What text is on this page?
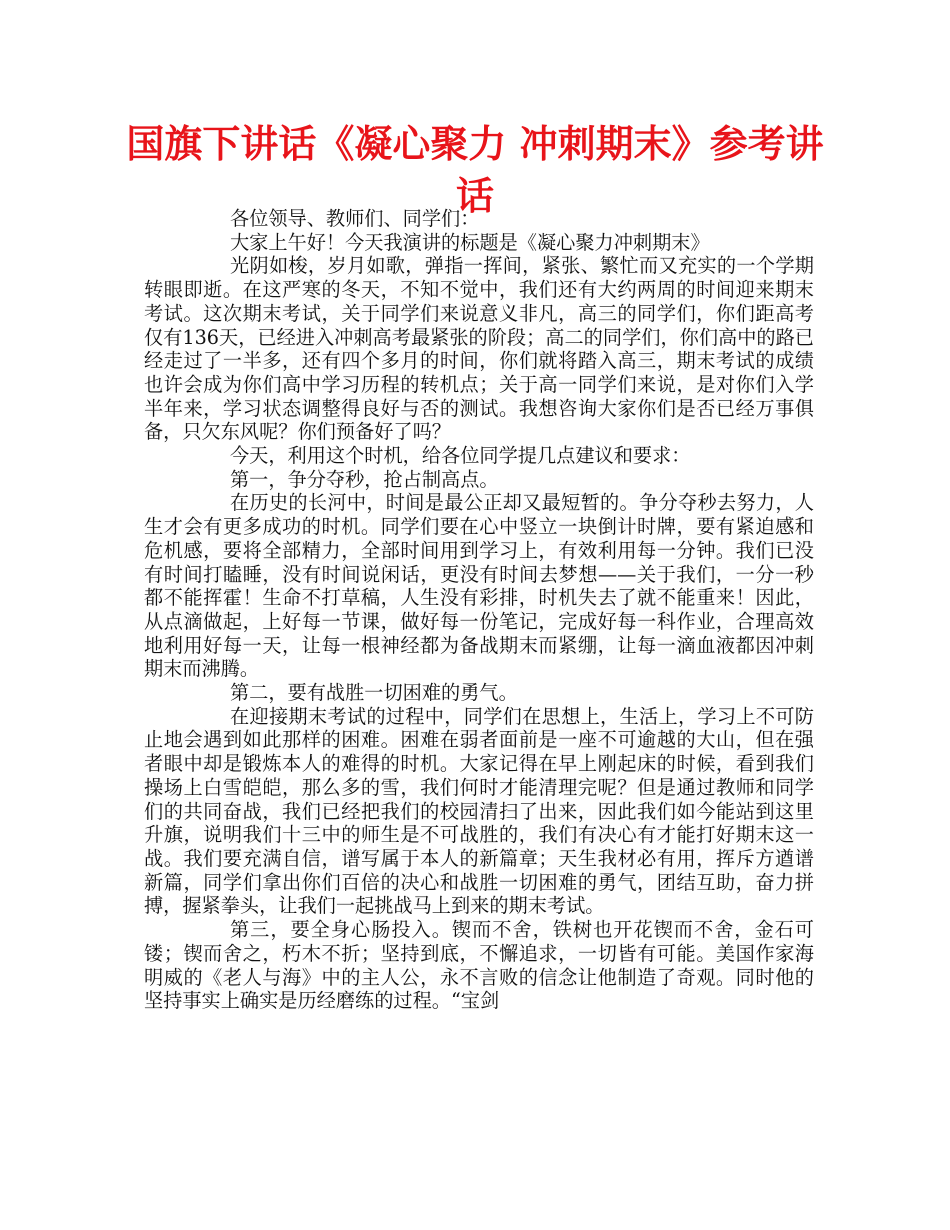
国旗下讲话《凝心聚力 冲刺期末》参考讲话

各位领导、教师们、同学们：

大家上午好！今天我演讲的标题是《凝心聚力冲刺期末》

光阴如梭，岁月如歌，弹指一挥间，紧张、繁忙而又充实的一个学期转眼即逝。在这严寒的冬天，不知不觉中，我们还有大约两周的时间迎来期末考试。这次期末考试，关于同学们来说意义非凡，高三的同学们，你们距高考仅有136天，已经进入冲刺高考最紧张的阶段；高二的同学们，你们高中的路已经走过了一半多，还有四个多月的时间，你们就将踏入高三，期末考试的成绩也许会成为你们高中学习历程的转机点；关于高一同学们来说，是对你们入学半年来，学习状态调整得良好与否的测试。我想咨询大家你们是否已经万事俱备，只欠东风呢？你们预备好了吗？

今天，利用这个时机，给各位同学提几点建议和要求：

第一，争分夺秒，抢占制高点。

在历史的长河中，时间是最公正却又最短暂的。争分夺秒去努力，人生才会有更多成功的时机。同学们要在心中竖立一块倒计时牌，要有紧迫感和危机感，要将全部精力，全部时间用到学习上，有效利用每一分钟。我们已没有时间打瞌睡，没有时间说闲话，更没有时间去梦想——关于我们，一分一秒都不能挥霍！生命不打草稿，人生没有彩排，时机失去了就不能重来！因此，从点滴做起，上好每一节课，做好每一份笔记，完成好每一科作业，合理高效地利用好每一天，让每一根神经都为备战期末而紧绷，让每一滴血液都因冲刺期末而沸腾。

第二，要有战胜一切困难的勇气。

在迎接期末考试的过程中，同学们在思想上，生活上，学习上不可防止地会遇到如此那样的困难。困难在弱者面前是一座不可逾越的大山，但在强者眼中却是锻炼本人的难得的时机。大家记得在早上刚起床的时候，看到我们操场上白雪皑皑，那么多的雪，我们何时才能清理完呢？但是通过教师和同学们的共同奋战，我们已经把我们的校园清扫了出来，因此我们如今能站到这里升旗，说明我们十三中的师生是不可战胜的，我们有决心有才能打好期末这一战。我们要充满自信，谱写属于本人的新篇章；天生我材必有用，挥斥方遒谱新篇，同学们拿出你们百倍的决心和战胜一切困难的勇气，团结互助，奋力拼搏，握紧拳头，让我们一起挑战马上到来的期末考试。

第三，要全身心肠投入。锲而不舍，铁树也开花锲而不舍，金石可镂；锲而舍之，朽木不折；坚持到底，不懈追求，一切皆有可能。美国作家海明威的《老人与海》中的主人公，永不言败的信念让他制造了奇观。同时他的坚持事实上确实是历经磨练的过程。“宝剑
